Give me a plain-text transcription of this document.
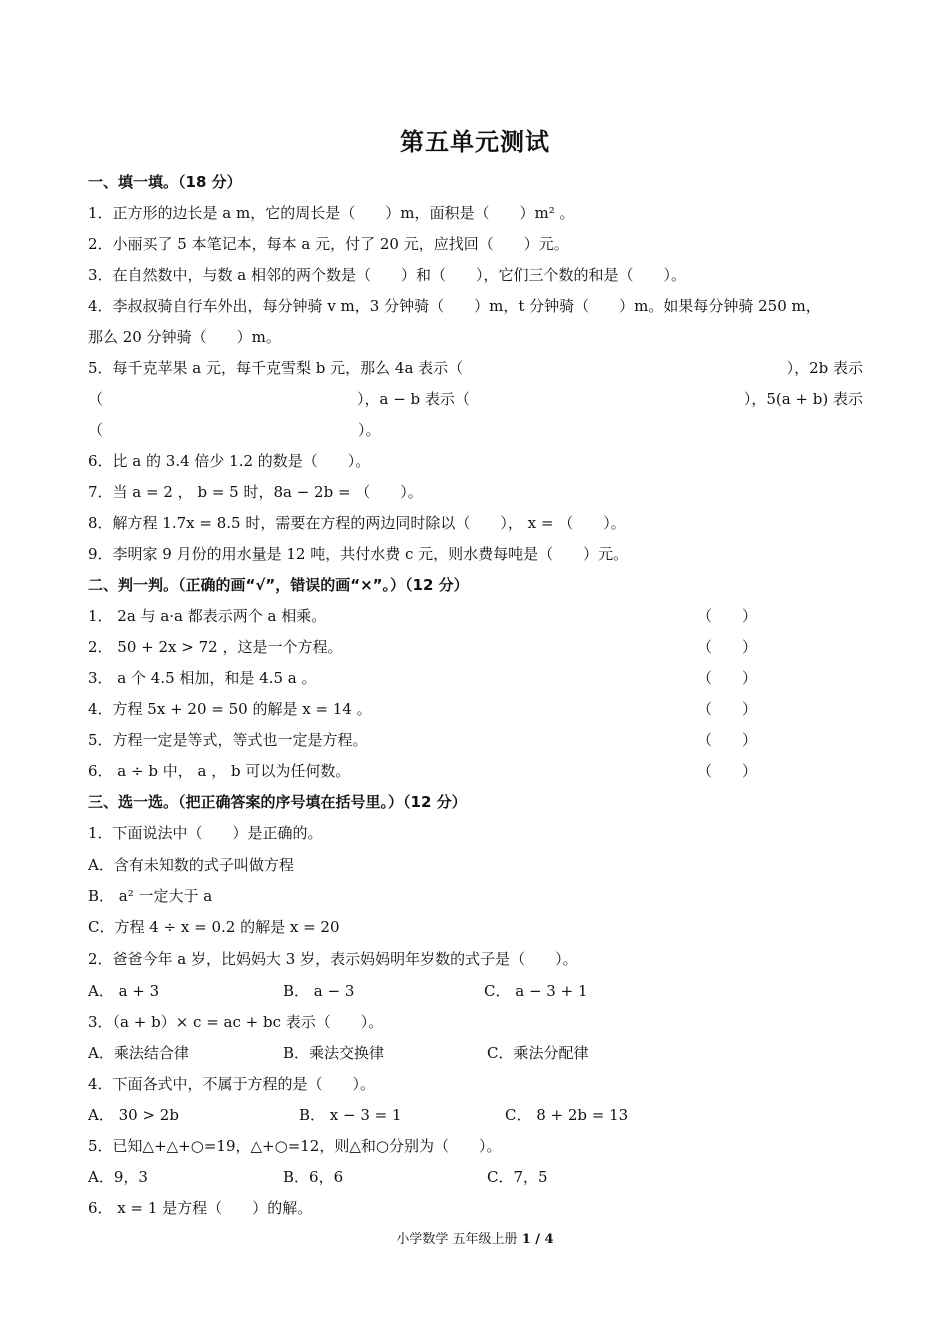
第五单元测试
一、填一填。（18 分）
1．正方形的边长是 a m，它的周长是（　　）m，面积是（　　）m² 。
2．小丽买了 5 本笔记本，每本 a 元，付了 20 元，应找回（　　）元。
3．在自然数中，与数 a 相邻的两个数是（　　）和（　　），它们三个数的和是（　　）。
4．李叔叔骑自行车外出，每分钟骑 v m，3 分钟骑（　　）m，t 分钟骑（　　）m。如果每分钟骑 250 m，
那么 20 分钟骑（　　）m。
5．每千克苹果 a 元，每千克雪梨 b 元，那么 4a 表示（	），2b 表示
（	），a − b 表示（	），5(a + b) 表示
（　　　　　　　　　　　　　　　　　）。
6．比 a 的 3.4 倍少 1.2 的数是（　　）。
7．当 a = 2 ， b = 5 时，8a − 2b = （　　）。
8．解方程 1.7x = 8.5 时，需要在方程的两边同时除以（　　）， x = （　　）。
9．李明家 9 月份的用水量是 12 吨，共付水费 c 元，则水费每吨是（　　）元。
二、判一判。（正确的画“√”，错误的画“×”。）（12 分）
1． 2a 与 a·a 都表示两个 a 相乘。	（　　）
2． 50 + 2x > 72 ，这是一个方程。	（　　）
3． a 个 4.5 相加，和是 4.5 a 。	（　　）
4．方程 5x + 20 = 50 的解是 x = 14 。	（　　）
5．方程一定是等式，等式也一定是方程。	（　　）
6． a ÷ b 中， a ， b 可以为任何数。	（　　）
三、选一选。（把正确答案的序号填在括号里。）（12 分）
1．下面说法中（　　）是正确的。
A．含有未知数的式子叫做方程
B． a² 一定大于 a
C．方程 4 ÷ x = 0.2 的解是 x = 20
2．爸爸今年 a 岁，比妈妈大 3 岁，表示妈妈明年岁数的式子是（　　）。
A． a + 3	B． a − 3	C． a − 3 + 1
3．（a + b）× c = ac + bc 表示（　　）。
A．乘法结合律	B．乘法交换律	C．乘法分配律
4．下面各式中，不属于方程的是（　　）。
A． 30 > 2b	B． x − 3 = 1	C． 8 + 2b = 13
5．已知△+△+○=19，△+○=12，则△和○分别为（　　）。
A．9，3	B．6，6	C．7，5
6． x = 1 是方程（　　）的解。
小学数学 五年级上册 1 / 4
